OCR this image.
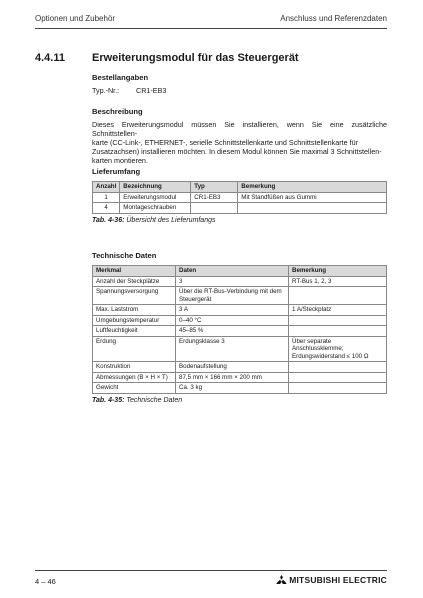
Optionen und Zubehör	Anschluss und Referenzdaten
4.4.11 Erweiterungsmodul für das Steuergerät

Bestellangaben

Typ.-Nr.: CR1-EB3

Beschreibung

Dieses Erweiterungsmodul müssen Sie installieren, wenn Sie eine zusätzliche Schnittstellen-

karte (CC-Link-, ETHERNET-, serielle Schnittstellenkarte und Schnittstellenkarte für

Zusatzachsen) installieren möchten. In diesem Modul können Sie maximal 3 Schnittstellen-

karten montieren.

Lieferumfang

Anzahl	Bezeichnung	Typ	Bemerkung
1	Erweiterungsmodul	CR1-EB3	Mit Standfüßen aus Gummi
4	Montageschrauben		
Tab. 4-36: Übersicht des Lieferumfangs

Technische Daten

Merkmal	Daten	Bemerkung
Anzahl der Steckplätze	3	RT-Bus 1, 2, 3
Spannungsversorgung	Über die RT-Bus-Verbindung mit dem Steuergerät	
Max. Laststrom	3 A	1 A/Steckplatz
Umgebungstemperatur	0–40 °C	
Luftfeuchtigkeit	45–85 %	
Erdung	Erdungsklasse 3	Über separate Anschlussklemme; Erdungswiderstand ≤ 100 Ω
Konstruktion	Bodenaufstellung	
Abmessungen (B × H × T)	87,5 mm × 166 mm × 200 mm	
Gewicht	Ca. 3 kg	
Tab. 4-35: Technische Daten
4 – 46	MITSUBISHI ELECTRIC
